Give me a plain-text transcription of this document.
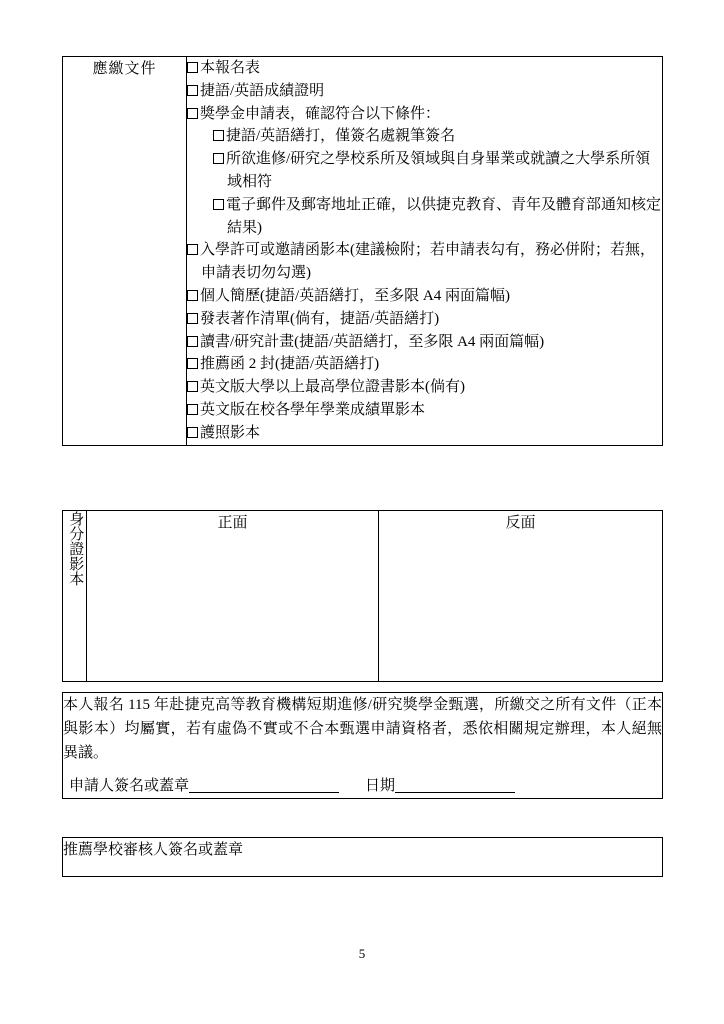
應繳文件	本報名表
捷語/英語成績證明
獎學金申請表，確認符合以下條件：
捷語/英語繕打，僅簽名處親筆簽名
所欲進修/研究之學校系所及領域與自身畢業或就讀之大學系所領域相符
電子郵件及郵寄地址正確，以供捷克教育、青年及體育部通知核定結果)
入學許可或邀請函影本(建議檢附；若申請表勾有，務必併附；若無，申請表切勿勾選)
個人簡歷(捷語/英語繕打，至多限 A4 兩面篇幅)
發表著作清單(倘有，捷語/英語繕打)
讀書/研究計畫(捷語/英語繕打，至多限 A4 兩面篇幅)
推薦函 2 封(捷語/英語繕打)
英文版大學以上最高學位證書影本(倘有)
英文版在校各學年學業成績單影本
護照影本
身分證影本	正面	反面

本人報名 115 年赴捷克高等教育機構短期進修/研究獎學金甄選，所繳交之所有文件（正本與影本）均屬實，若有虛偽不實或不合本甄選申請資格者，悉依相關規定辦理，本人絕無異議。

申請人簽名或蓋章	日期
推薦學校審核人簽名或蓋章
5
